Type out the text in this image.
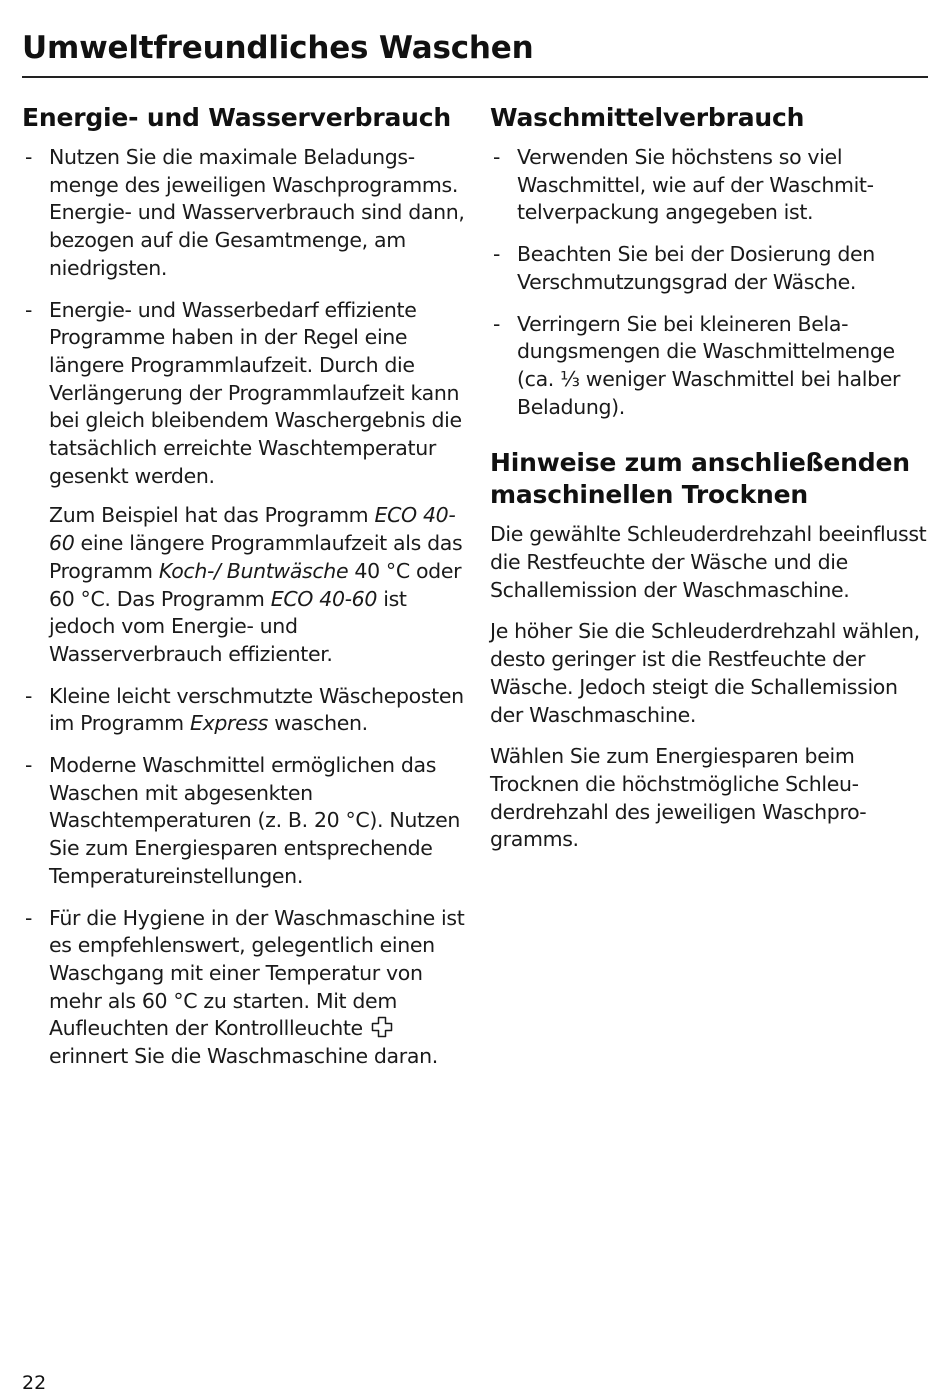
Umweltfreundliches Waschen
Energie- und Wasserverbrauch
- Nutzen Sie die maximale Beladungsmenge des jeweiligen Waschprogramms. Energie- und Wasserverbrauch sind dann, bezogen auf die Gesamtmenge, am niedrigsten.
- Energie- und Wasserbedarf effiziente Programme haben in der Regel eine längere Programmlaufzeit. Durch die Verlängerung der Programmlaufzeit kann bei gleich bleibendem Waschergebnis die tatsächlich erreichte Waschtemperatur gesenkt werden.
Zum Beispiel hat das Programm ECO 40-60 eine längere Programmlaufzeit als das Programm Koch-/ Buntwäsche 40 °C oder 60 °C. Das Programm ECO 40-60 ist jedoch vom Energie- und Wasserverbrauch effizienter.
- Kleine leicht verschmutzte Wäscheposten im Programm Express waschen.
- Moderne Waschmittel ermöglichen das Waschen mit abgesenkten Waschtemperaturen (z. B. 20 °C). Nutzen Sie zum Energiesparen entsprechende Temperatureinstellungen.
- Für die Hygiene in der Waschmaschine ist es empfehlenswert, gelegentlich einen Waschgang mit einer Temperatur von mehr als 60 °C zu starten. Mit dem Aufleuchten der Kontrollleuchte  erinnert Sie die Waschmaschine daran.
Waschmittelverbrauch
- Verwenden Sie höchstens so viel Waschmittel, wie auf der Waschmittelverpackung angegeben ist.
- Beachten Sie bei der Dosierung den Verschmutzungsgrad der Wäsche.
- Verringern Sie bei kleineren Beladungsmengen die Waschmittelmenge (ca. ⅓ weniger Waschmittel bei halber Beladung).
Hinweise zum anschließenden maschinellen Trocknen

Die gewählte Schleuderdrehzahl beeinflusst die Restfeuchte der Wäsche und die Schallemission der Waschmaschine.

Je höher Sie die Schleuderdrehzahl wählen, desto geringer ist die Restfeuchte der Wäsche. Jedoch steigt die Schallemission der Waschmaschine.

Wählen Sie zum Energiesparen beim Trocknen die höchstmögliche Schleuderdrehzahl des jeweiligen Waschprogramms.

22
